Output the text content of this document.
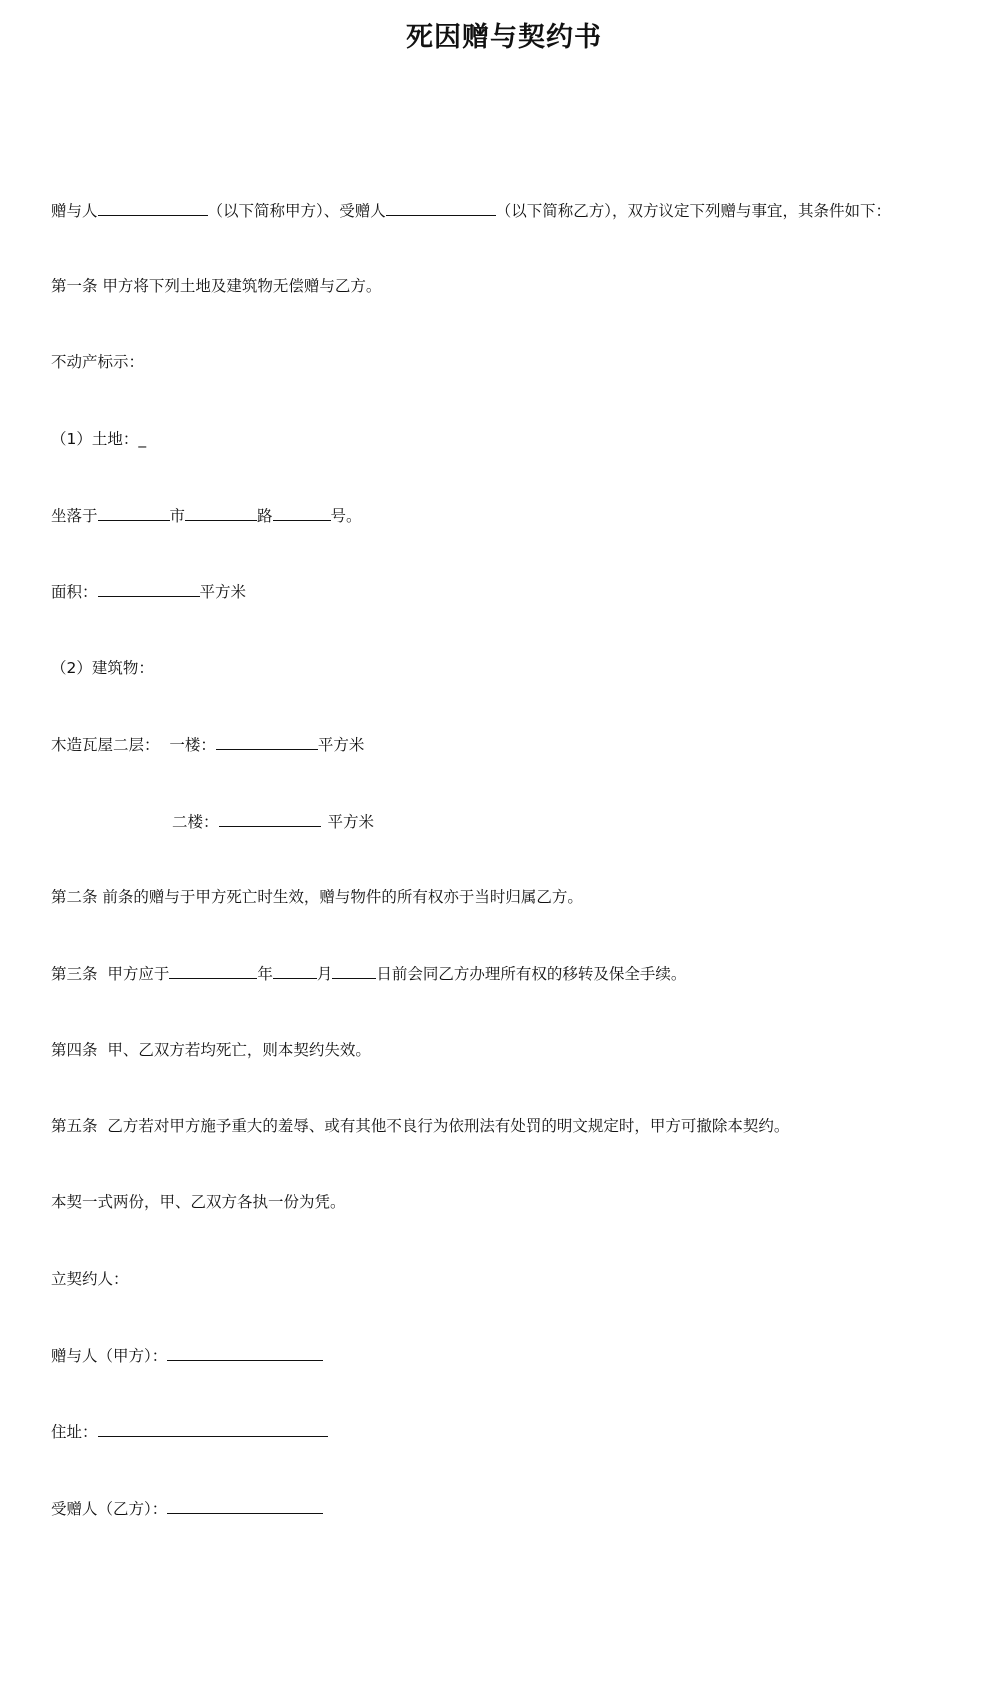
死因赠与契约书
赠与人	（以下简称甲方）、受赠人	（以下简称乙方），双方议定下列赠与事宜，其条件如下：
第一条 甲方将下列土地及建筑物无偿赠与乙方。
不动产标示：
（1）土地：_
坐落于	市	路	号。
面积：	平方米
（2）建筑物：
木造瓦屋二层：  一楼：	平方米
二楼：	平方米
第二条 前条的赠与于甲方死亡时生效，赠与物件的所有权亦于当时归属乙方。
第三条  甲方应于	年	月	日前会同乙方办理所有权的移转及保全手续。
第四条  甲、乙双方若均死亡，则本契约失效。
第五条  乙方若对甲方施予重大的羞辱、或有其他不良行为依刑法有处罚的明文规定时，甲方可撤除本契约。
本契一式两份，甲、乙双方各执一份为凭。
立契约人：
赠与人（甲方）：
住址：
受赠人（乙方）：
